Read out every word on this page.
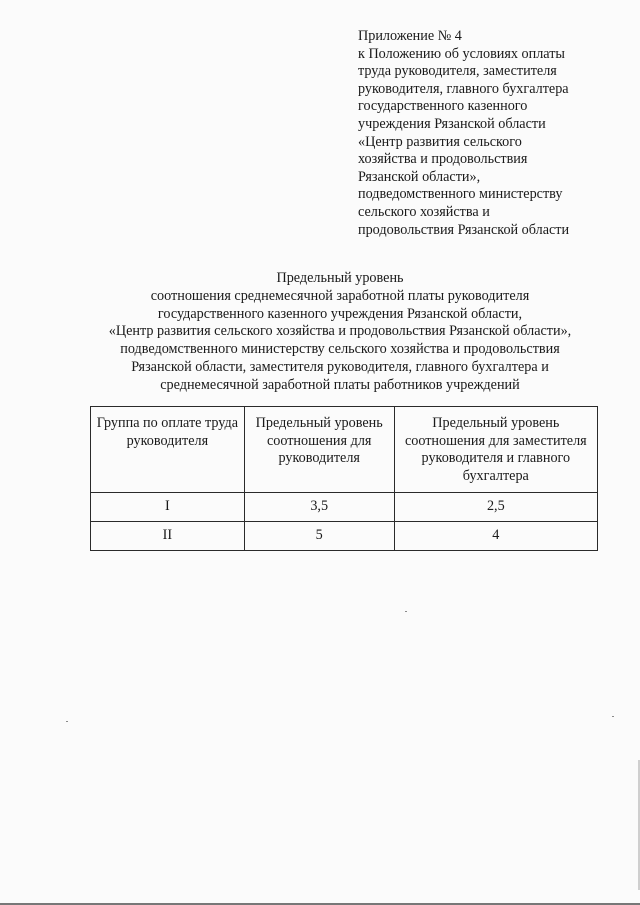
Приложение № 4
к Положению об условиях оплаты
труда руководителя, заместителя
руководителя, главного бухгалтера
государственного казенного
учреждения Рязанской области
«Центр развития сельского
хозяйства и продовольствия
Рязанской области»,
подведомственного министерству
сельского хозяйства и
продовольствия Рязанской области
Предельный уровень
соотношения среднемесячной заработной платы руководителя
государственного казенного учреждения Рязанской области,
«Центр развития сельского хозяйства и продовольствия Рязанской области»,
подведомственного министерству сельского хозяйства и продовольствия
Рязанской области, заместителя руководителя, главного бухгалтера и
среднемесячной заработной платы работников учреждений
Группа по оплате труда руководителя	Предельный уровень соотношения для руководителя	Предельный уровень соотношения для заместителя руководителя и главного бухгалтера
I	3,5	2,5
II	5	4
